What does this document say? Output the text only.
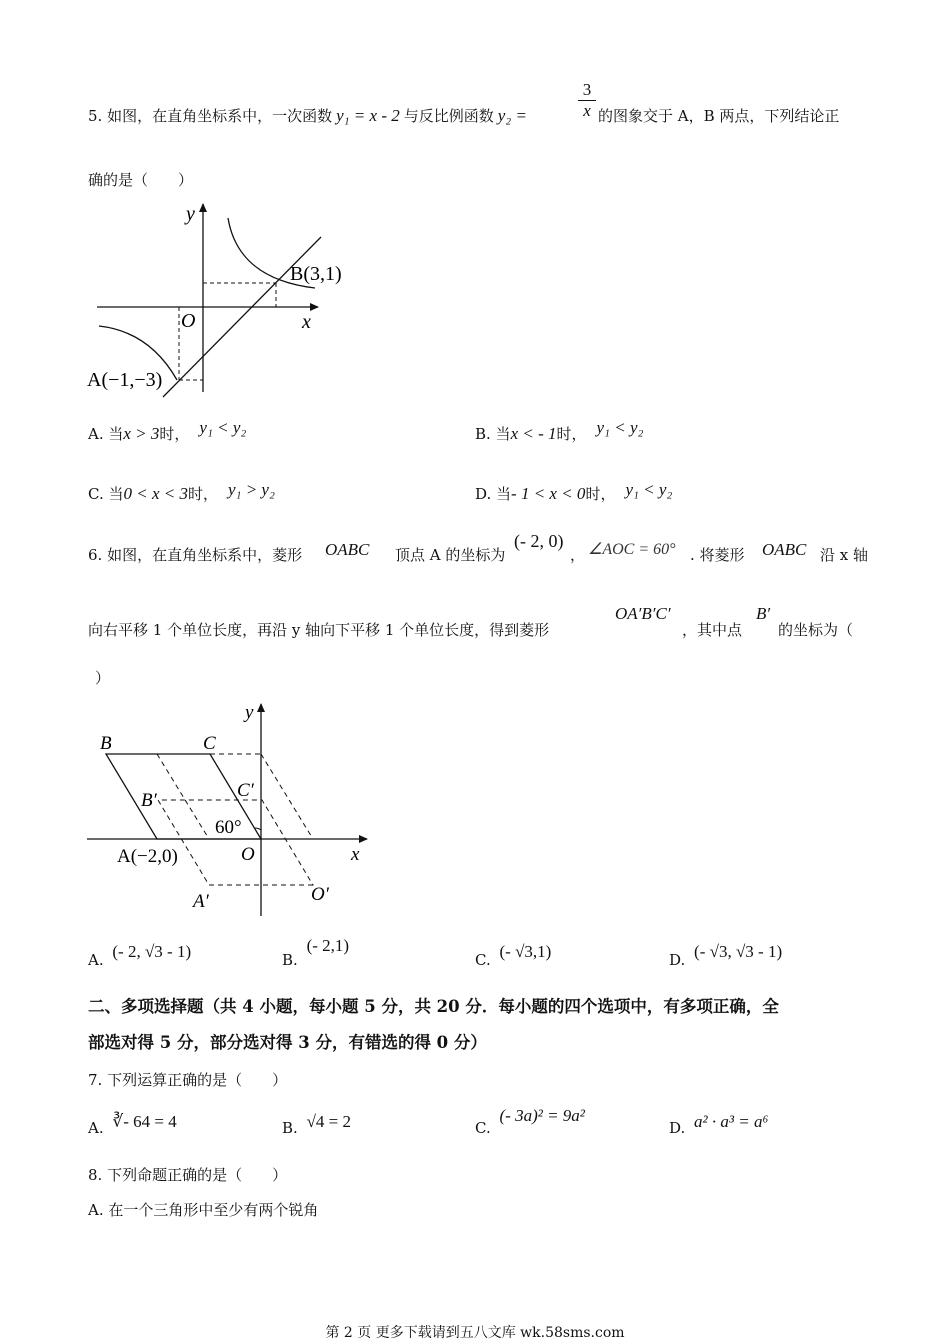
5. 如图，在直角坐标系中，一次函数 y₁ = x - 2 与反比例函数 y₂ =	$\frac{3}{x}$ 的图象交于 A，B 两点，下列结论正
确的是（　　）
y
x
O
B(3,1)
A(−1,−3)
A. 当x > 3时， y₁ < y₂	B. 当x < - 1时， y₁ < y₂
C. 当0 < x < 3时， y₁ > y₂	D. 当- 1 < x < 0时， y₁ < y₂
6. 如图，在直角坐标系中，菱形 OABC 顶点 A 的坐标为
(- 2, 0)
， ∠AOC = 60° . 将菱形 OABC 沿 x 轴
向右平移 1 个单位长度，再沿 y 轴向下平移 1 个单位长度，得到菱形
OA′B′C′
，其中点
B′
的坐标为（
）
y
x
O
B	C
B′	C′
60°
A(−2,0)
A′	O′
A. (- 2, √3 - 1)	B. (- 2,1)
C. (- √3,1)	D. (- √3, √3 - 1)
二、多项选择题（共 4 小题，每小题 5 分，共 20 分．每小题的四个选项中，有多项正确，全
部选对得 5 分，部分选对得 3 分，有错选的得 0 分）
7. 下列运算正确的是（　　）
A. ∛- 64 = 4	B. √4 = 2	C. (- 3a)² = 9a²
D. a² · a³ = a⁶
8. 下列命题正确的是（　　）
A. 在一个三角形中至少有两个锐角
第 2 页 更多下载请到五八文库 wk.58sms.com
